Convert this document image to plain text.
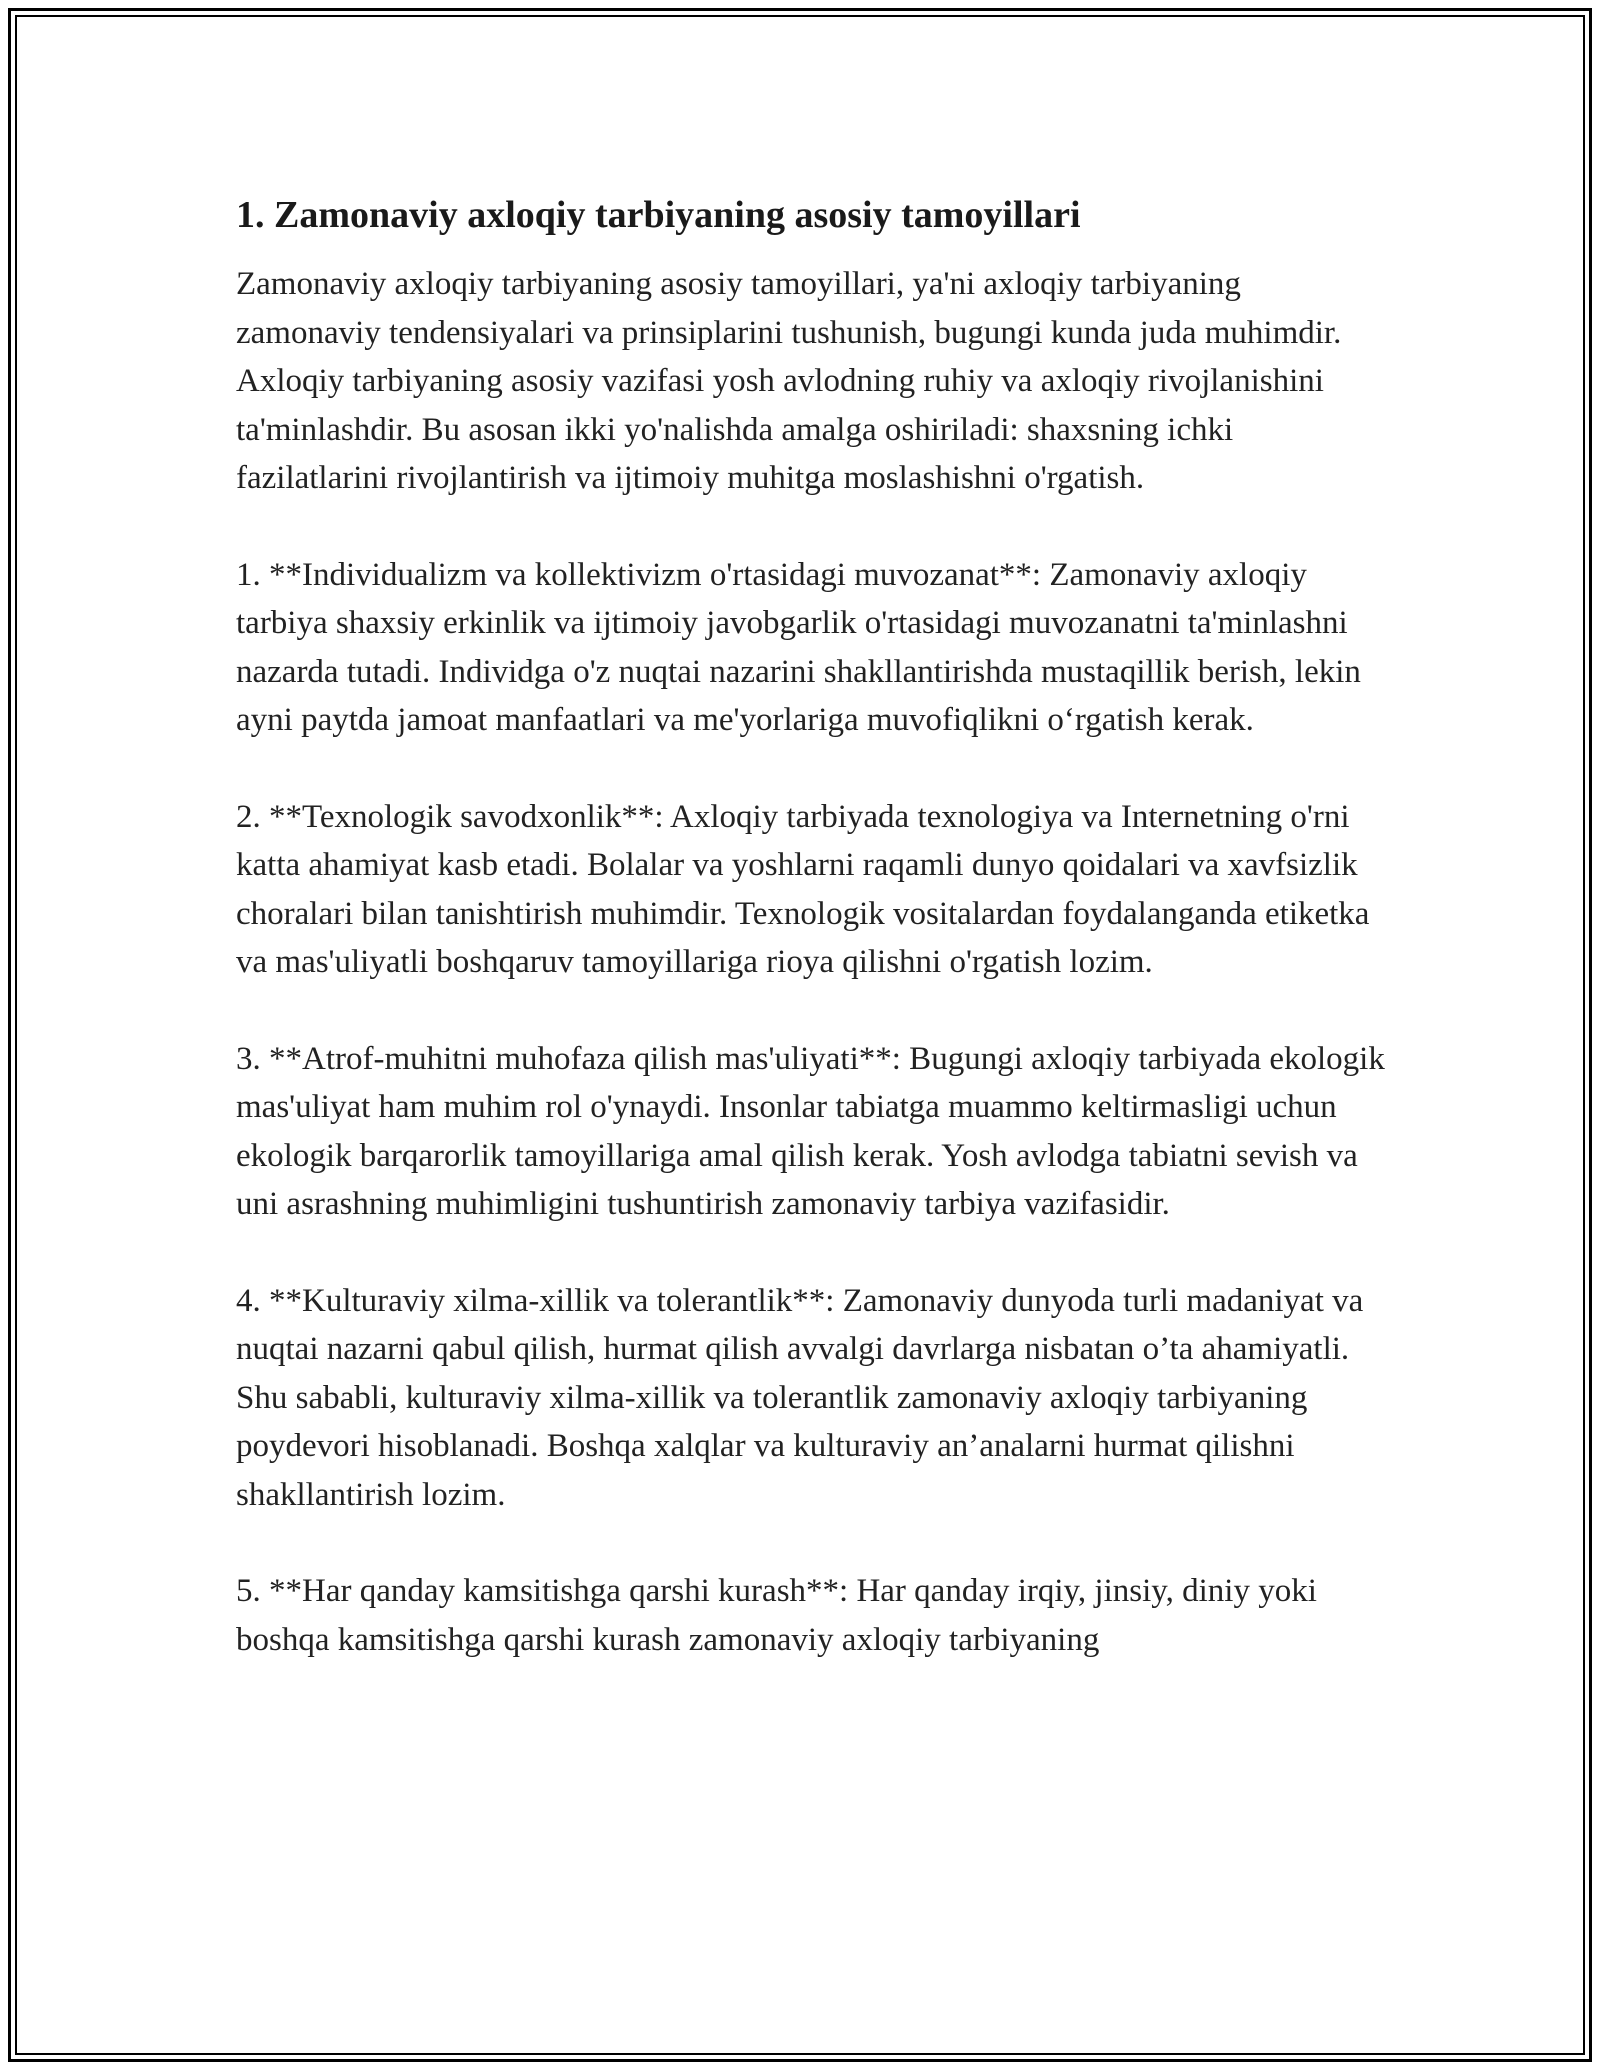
1. Zamonaviy axloqiy tarbiyaning asosiy tamoyillari

Zamonaviy axloqiy tarbiyaning asosiy tamoyillari, ya'ni axloqiy tarbiyaning zamonaviy tendensiyalari va prinsiplarini tushunish, bugungi kunda juda muhimdir. Axloqiy tarbiyaning asosiy vazifasi yosh avlodning ruhiy va axloqiy rivojlanishini ta'minlashdir. Bu asosan ikki yo'nalishda amalga oshiriladi: shaxsning ichki fazilatlarini rivojlantirish va ijtimoiy muhitga moslashishni o'rgatish.

1. **Individualizm va kollektivizm o'rtasidagi muvozanat**: Zamonaviy axloqiy tarbiya shaxsiy erkinlik va ijtimoiy javobgarlik o'rtasidagi muvozanatni ta'minlashni nazarda tutadi. Individga o'z nuqtai nazarini shakllantirishda mustaqillik berish, lekin ayni paytda jamoat manfaatlari va me'yorlariga muvofiqlikni o‘rgatish kerak.

2. **Texnologik savodxonlik**: Axloqiy tarbiyada texnologiya va Internetning o'rni katta ahamiyat kasb etadi. Bolalar va yoshlarni raqamli dunyo qoidalari va xavfsizlik choralari bilan tanishtirish muhimdir. Texnologik vositalardan foydalanganda etiketka va mas'uliyatli boshqaruv tamoyillariga rioya qilishni o'rgatish lozim.

3. **Atrof-muhitni muhofaza qilish mas'uliyati**: Bugungi axloqiy tarbiyada ekologik mas'uliyat ham muhim rol o'ynaydi. Insonlar tabiatga muammo keltirmasligi uchun ekologik barqarorlik tamoyillariga amal qilish kerak. Yosh avlodga tabiatni sevish va uni asrashning muhimligini tushuntirish zamonaviy tarbiya vazifasidir.

4. **Kulturaviy xilma-xillik va tolerantlik**: Zamonaviy dunyoda turli madaniyat va nuqtai nazarni qabul qilish, hurmat qilish avvalgi davrlarga nisbatan o’ta ahamiyatli. Shu sababli, kulturaviy xilma-xillik va tolerantlik zamonaviy axloqiy tarbiyaning poydevori hisoblanadi. Boshqa xalqlar va kulturaviy an’analarni hurmat qilishni shakllantirish lozim.

5. **Har qanday kamsitishga qarshi kurash**: Har qanday irqiy, jinsiy, diniy yoki boshqa kamsitishga qarshi kurash zamonaviy axloqiy tarbiyaning
